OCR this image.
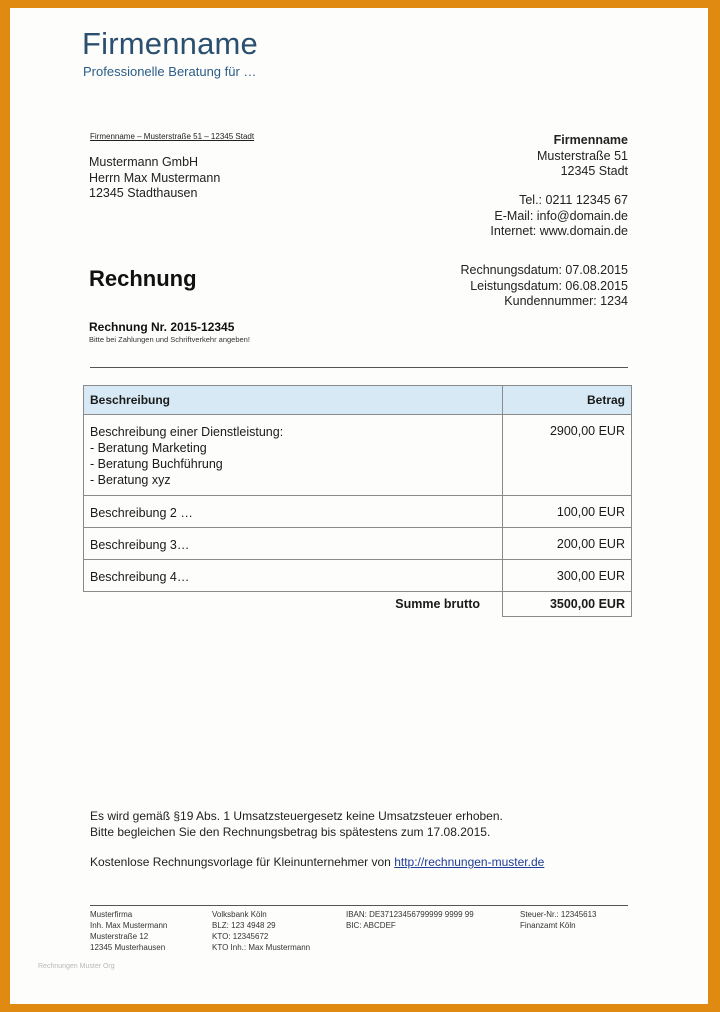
Firmenname
Professionelle Beratung für …
Firmenname – Musterstraße 51 – 12345 Stadt
Mustermann GmbH
Herrn Max Mustermann
12345 Stadthausen
Firmenname
Musterstraße 51
12345 Stadt
Tel.: 0211 12345 67
E-Mail: info@domain.de
Internet: www.domain.de
Rechnung	Rechnungsdatum: 07.08.2015
Leistungsdatum: 06.08.2015
Kundennummer: 1234
Rechnung Nr. 2015-12345
Bitte bei Zahlungen und Schriftverkehr angeben!
Beschreibung	Betrag

Beschreibung einer Dienstleistung:
- Beratung Marketing
- Beratung Buchführung
- Beratung xyz	2900,00 EUR

Beschreibung 2 …	100,00 EUR

Beschreibung 3…	200,00 EUR

Beschreibung 4…	300,00 EUR
Summe brutto	3500,00 EUR
Es wird gemäß §19 Abs. 1 Umsatzsteuergesetz keine Umsatzsteuer erhoben.
Bitte begleichen Sie den Rechnungsbetrag bis spätestens zum 17.08.2015.
Kostenlose Rechnungsvorlage für Kleinunternehmer von http://rechnungen-muster.de
Musterfirma
Inh. Max Mustermann
Musterstraße 12
12345 Musterhausen
Volksbank Köln
BLZ: 123 4948 29
KTO: 12345672
KTO Inh.: Max Mustermann
IBAN: DE37123456799999 9999 99
BIC: ABCDEF
Steuer-Nr.: 12345613
Finanzamt Köln
Rechnungen Muster Org
